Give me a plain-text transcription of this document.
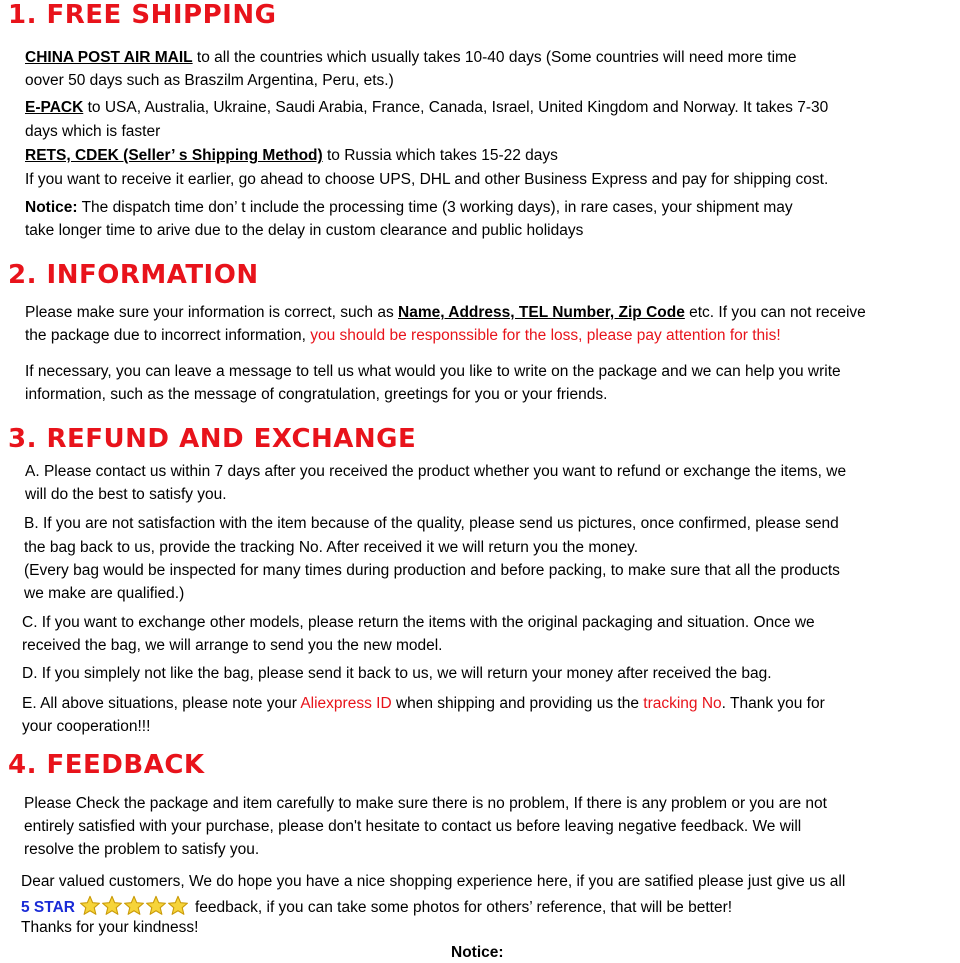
1. FREE SHIPPING
CHINA POST AIR MAIL to all the countries which usually takes 10-40 days (Some countries will need more time
oover 50 days such as Braszilm Argentina, Peru, ets.)
E-PACK to USA, Australia, Ukraine, Saudi Arabia, France, Canada, Israel, United Kingdom and Norway. It takes 7-30
days which is faster
RETS, CDEK (Seller’ s Shipping Method) to Russia which takes 15-22 days
If you want to receive it earlier, go ahead to choose UPS, DHL and other Business Express and pay for shipping cost.
Notice: The dispatch time don’ t include the processing time (3 working days), in rare cases, your shipment may
take longer time to arive due to the delay in custom clearance and public holidays
2. INFORMATION
Please make sure your information is correct, such as Name, Address, TEL Number, Zip Code etc. If you can not receive
the package due to incorrect information, you should be responssible for the loss, please pay attention for this!
If necessary, you can leave a message to tell us what would you like to write on the package and we can help you write
information, such as the message of congratulation, greetings for you or your friends.
3. REFUND AND EXCHANGE
A. Please contact us within 7 days after you received the product whether you want to refund or exchange the items, we
will do the best to satisfy you.
B. If you are not satisfaction with the item because of the quality, please send us pictures, once confirmed, please send
the bag back to us, provide the tracking No. After received it we will return you the money.
(Every bag would be inspected for many times during production and before packing, to make sure that all the products
we make are qualified.)
C. If you want to exchange other models, please return the items with the original packaging and situation. Once we
received the bag, we will arrange to send you the new model.
D. If you simplely not like the bag, please send it back to us, we will return your money after received the bag.
E. All above situations, please note your Aliexpress ID when shipping and providing us the tracking No. Thank you for
your cooperation!!!
4. FEEDBACK
Please Check the package and item carefully to make sure there is no problem, If there is any problem or you are not
entirely satisfied with your purchase, please don't hesitate to contact us before leaving negative feedback. We will
resolve the problem to satisfy you.
Dear valued customers, We do hope you have a nice shopping experience here, if you are satified please just give us all
5 STAR	feedback, if you can take some photos for others’ reference, that will be better!
Thanks for your kindness!
Notice:
